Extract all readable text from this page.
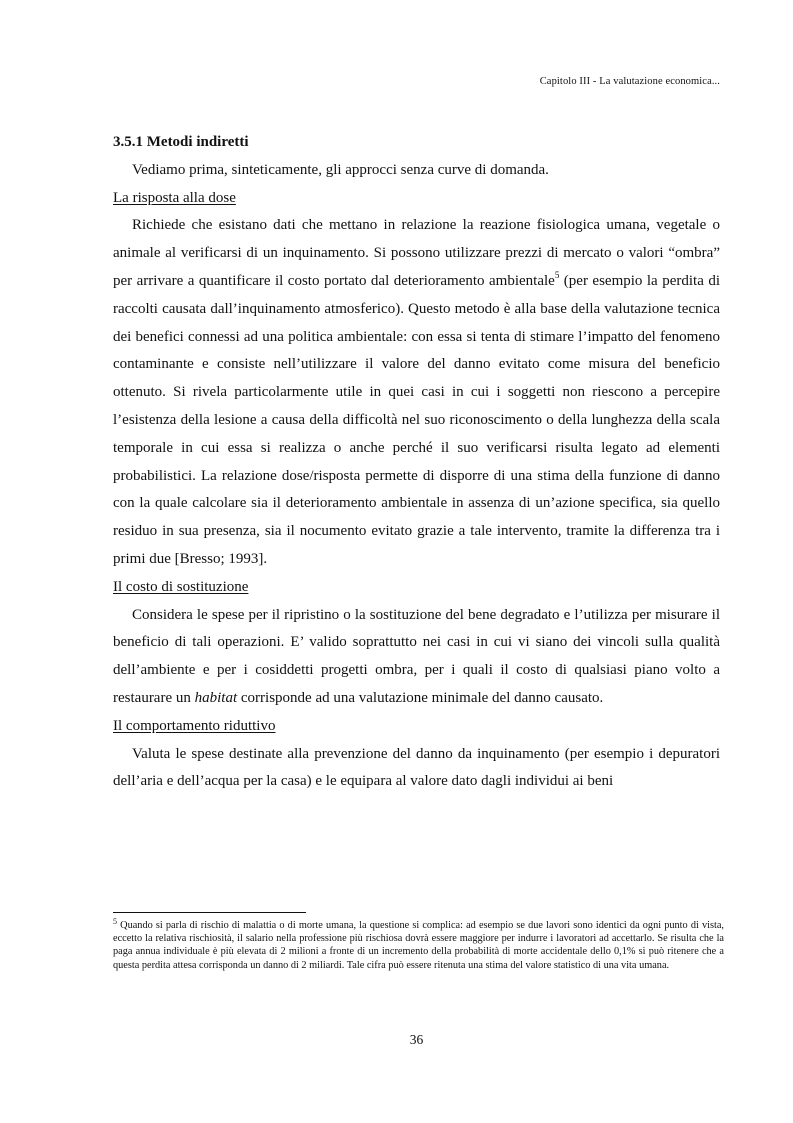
Capitolo III - La valutazione economica...

3.5.1 Metodi indiretti

Vediamo prima, sinteticamente, gli approcci senza curve di domanda.

La risposta alla dose

Richiede che esistano dati che mettano in relazione la reazione fisiologica umana, vegetale o animale al verificarsi di un inquinamento. Si possono utilizzare prezzi di mercato o valori “ombra” per arrivare a quantificare il costo portato dal deterioramento ambientale$^5$ (per esempio la perdita di raccolti causata dall’inquinamento atmosferico). Questo metodo è alla base della valutazione tecnica dei benefici connessi ad una politica ambientale: con essa si tenta di stimare l’impatto del fenomeno contaminante e consiste nell’utilizzare il valore del danno evitato come misura del beneficio ottenuto. Si rivela particolarmente utile in quei casi in cui i soggetti non riescono a percepire l’esistenza della lesione a causa della difficoltà nel suo riconoscimento o della lunghezza della scala temporale in cui essa si realizza o anche perché il suo verificarsi risulta legato ad elementi probabilistici. La relazione dose/risposta permette di disporre di una stima della funzione di danno con la quale calcolare sia il deterioramento ambientale in assenza di un’azione specifica, sia quello residuo in sua presenza, sia il nocumento evitato grazie a tale intervento, tramite la differenza tra i primi due [Bresso; 1993].

Il costo di sostituzione

Considera le spese per il ripristino o la sostituzione del bene degradato e l’utilizza per misurare il beneficio di tali operazioni. E’ valido soprattutto nei casi in cui vi siano dei vincoli sulla qualità dell’ambiente e per i cosiddetti progetti ombra, per i quali il costo di qualsiasi piano volto a restaurare un habitat corrisponde ad una valutazione minimale del danno causato.

Il comportamento riduttivo

Valuta le spese destinate alla prevenzione del danno da inquinamento (per esempio i depuratori dell’aria e dell’acqua per la casa) e le equipara al valore dato dagli individui ai beni

$^5$ Quando si parla di rischio di malattia o di morte umana, la questione si complica: ad esempio se due lavori sono identici da ogni punto di vista, eccetto la relativa rischiosità, il salario nella professione più rischiosa dovrà essere maggiore per indurre i lavoratori ad accettarlo. Se risulta che la paga annua individuale è più elevata di 2 milioni a fronte di un incremento della probabilità di morte accidentale dello 0,1% si può ritenere che a questa perdita attesa corrisponda un danno di 2 miliardi. Tale cifra può essere ritenuta una stima del valore statistico di una vita umana.

36
